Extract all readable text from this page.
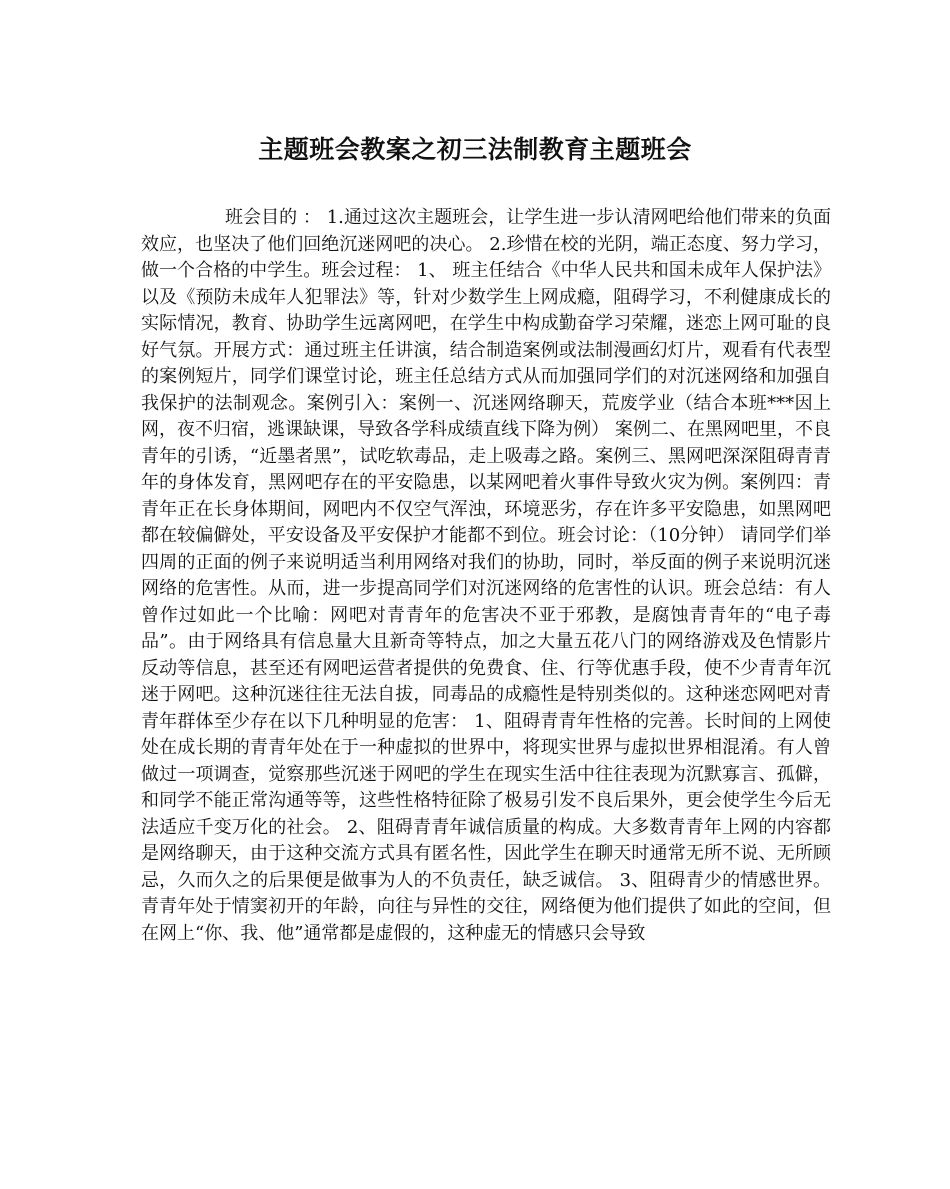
主题班会教案之初三法制教育主题班会

班会目的 ： 1.通过这次主题班会，让学生进一步认清网吧给他们带来的负面效应，也坚决了他们回绝沉迷网吧的决心。 2.珍惜在校的光阴，端正态度、努力学习，做一个合格的中学生。班会过程： 1、 班主任结合《中华人民共和国未成年人保护法》以及《预防未成年人犯罪法》等，针对少数学生上网成瘾，阻碍学习，不利健康成长的实际情况，教育、协助学生远离网吧，在学生中构成勤奋学习荣耀，迷恋上网可耻的良好气氛。开展方式：通过班主任讲演，结合制造案例或法制漫画幻灯片，观看有代表型的案例短片，同学们课堂讨论，班主任总结方式从而加强同学们的对沉迷网络和加强自我保护的法制观念。案例引入：案例一、沉迷网络聊天，荒废学业（结合本班***因上网，夜不归宿，逃课缺课，导致各学科成绩直线下降为例） 案例二、在黑网吧里，不良青年的引诱，“近墨者黑”，试吃软毒品，走上吸毒之路。案例三、黑网吧深深阻碍青青年的身体发育，黑网吧存在的平安隐患，以某网吧着火事件导致火灾为例。案例四：青青年正在长身体期间，网吧内不仅空气浑浊，环境恶劣，存在许多平安隐患，如黑网吧都在较偏僻处，平安设备及平安保护才能都不到位。班会讨论：（10分钟） 请同学们举四周的正面的例子来说明适当利用网络对我们的协助，同时，举反面的例子来说明沉迷网络的危害性。从而，进一步提高同学们对沉迷网络的危害性的认识。班会总结：有人曾作过如此一个比喻：网吧对青青年的危害决不亚于邪教，是腐蚀青青年的“电子毒品”。由于网络具有信息量大且新奇等特点，加之大量五花八门的网络游戏及色情影片反动等信息，甚至还有网吧运营者提供的免费食、住、行等优惠手段，使不少青青年沉迷于网吧。这种沉迷往往无法自拔，同毒品的成瘾性是特别类似的。这种迷恋网吧对青青年群体至少存在以下几种明显的危害： 1、阻碍青青年性格的完善。长时间的上网使处在成长期的青青年处在于一种虚拟的世界中，将现实世界与虚拟世界相混淆。有人曾做过一项调查，觉察那些沉迷于网吧的学生在现实生活中往往表现为沉默寡言、孤僻，和同学不能正常沟通等等，这些性格特征除了极易引发不良后果外，更会使学生今后无法适应千变万化的社会。 2、阻碍青青年诚信质量的构成。大多数青青年上网的内容都是网络聊天，由于这种交流方式具有匿名性，因此学生在聊天时通常无所不说、无所顾忌，久而久之的后果便是做事为人的不负责任，缺乏诚信。 3、阻碍青少的情感世界。青青年处于情窦初开的年龄，向往与异性的交往，网络便为他们提供了如此的空间，但在网上“你、我、他”通常都是虚假的，这种虚无的情感只会导致
